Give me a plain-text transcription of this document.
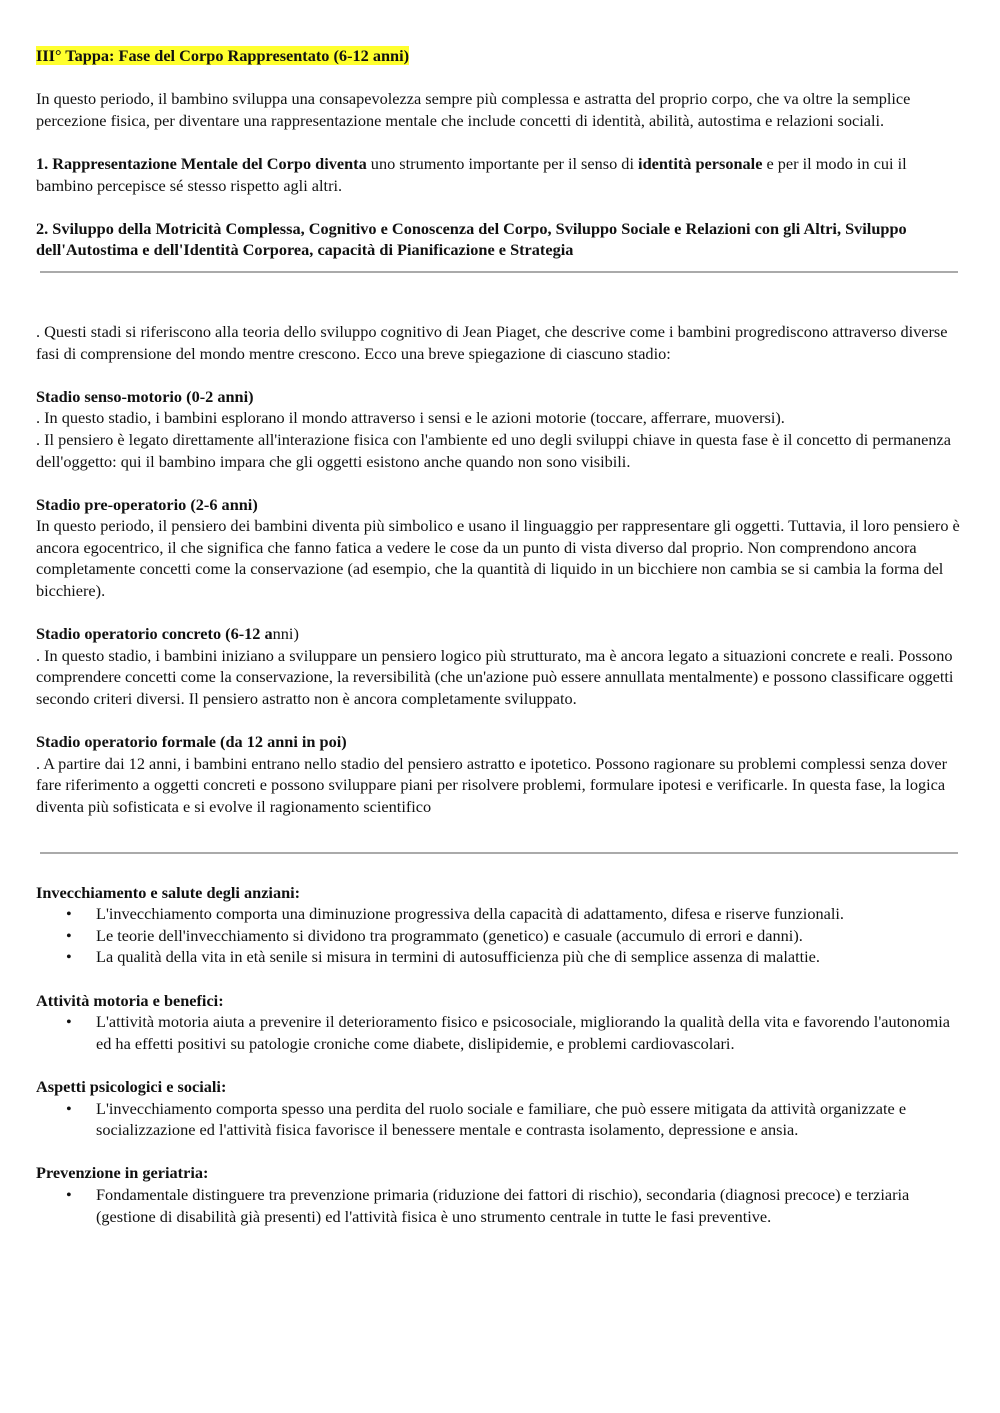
III° Tappa: Fase del Corpo Rappresentato (6-12 anni)

In questo periodo, il bambino sviluppa una consapevolezza sempre più complessa e astratta del proprio corpo, che va oltre la semplice percezione fisica, per diventare una rappresentazione mentale che include concetti di identità, abilità, autostima e relazioni sociali.

1. Rappresentazione Mentale del Corpo diventa uno strumento importante per il senso di identità personale e per il modo in cui il bambino percepisce sé stesso rispetto agli altri.

2. Sviluppo della Motricità Complessa, Cognitivo e Conoscenza del Corpo, Sviluppo Sociale e Relazioni con gli Altri, Sviluppo dell'Autostima e dell'Identità Corporea, capacità di Pianificazione e Strategia

. Questi stadi si riferiscono alla teoria dello sviluppo cognitivo di Jean Piaget, che descrive come i bambini progrediscono attraverso diverse fasi di comprensione del mondo mentre crescono. Ecco una breve spiegazione di ciascuno stadio:

Stadio senso-motorio (0-2 anni)

. In questo stadio, i bambini esplorano il mondo attraverso i sensi e le azioni motorie (toccare, afferrare, muoversi).

. Il pensiero è legato direttamente all'interazione fisica con l'ambiente ed uno degli sviluppi chiave in questa fase è il concetto di permanenza dell'oggetto: qui il bambino impara che gli oggetti esistono anche quando non sono visibili.

Stadio pre-operatorio (2-6 anni)

In questo periodo, il pensiero dei bambini diventa più simbolico e usano il linguaggio per rappresentare gli oggetti. Tuttavia, il loro pensiero è ancora egocentrico, il che significa che fanno fatica a vedere le cose da un punto di vista diverso dal proprio. Non comprendono ancora completamente concetti come la conservazione (ad esempio, che la quantità di liquido in un bicchiere non cambia se si cambia la forma del bicchiere).

Stadio operatorio concreto (6-12 anni)

. In questo stadio, i bambini iniziano a sviluppare un pensiero logico più strutturato, ma è ancora legato a situazioni concrete e reali. Possono comprendere concetti come la conservazione, la reversibilità (che un'azione può essere annullata mentalmente) e possono classificare oggetti secondo criteri diversi. Il pensiero astratto non è ancora completamente sviluppato.

Stadio operatorio formale (da 12 anni in poi)

. A partire dai 12 anni, i bambini entrano nello stadio del pensiero astratto e ipotetico. Possono ragionare su problemi complessi senza dover fare riferimento a oggetti concreti e possono sviluppare piani per risolvere problemi, formulare ipotesi e verificarle. In questa fase, la logica diventa più sofisticata e si evolve il ragionamento scientifico

Invecchiamento e salute degli anziani:

• L'invecchiamento comporta una diminuzione progressiva della capacità di adattamento, difesa e riserve funzionali.
• Le teorie dell'invecchiamento si dividono tra programmato (genetico) e casuale (accumulo di errori e danni).
• La qualità della vita in età senile si misura in termini di autosufficienza più che di semplice assenza di malattie.

Attività motoria e benefici:

• L'attività motoria aiuta a prevenire il deterioramento fisico e psicosociale, migliorando la qualità della vita e favorendo l'autonomia ed ha effetti positivi su patologie croniche come diabete, dislipidemie, e problemi cardiovascolari.

Aspetti psicologici e sociali:

• L'invecchiamento comporta spesso una perdita del ruolo sociale e familiare, che può essere mitigata da attività organizzate e socializzazione ed l'attività fisica favorisce il benessere mentale e contrasta isolamento, depressione e ansia.

Prevenzione in geriatria:

• Fondamentale distinguere tra prevenzione primaria (riduzione dei fattori di rischio), secondaria (diagnosi precoce) e terziaria (gestione di disabilità già presenti) ed l'attività fisica è uno strumento centrale in tutte le fasi preventive.
